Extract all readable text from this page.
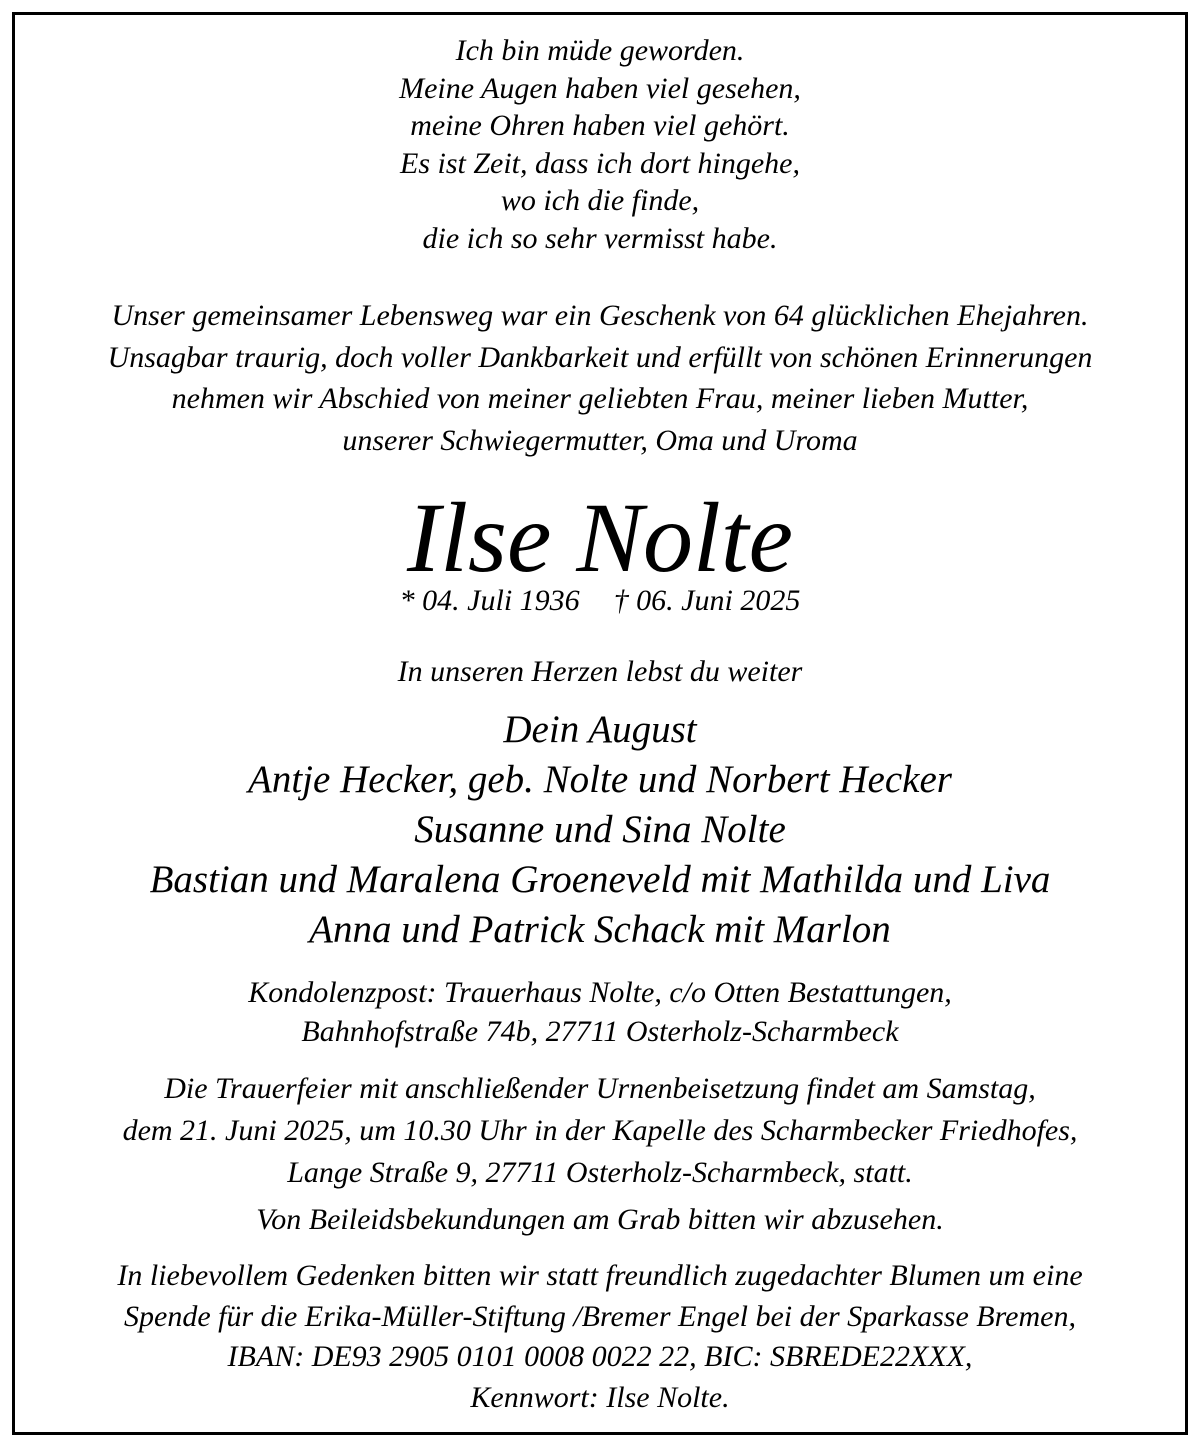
Ich bin müde geworden.
Meine Augen haben viel gesehen,
meine Ohren haben viel gehört.
Es ist Zeit, dass ich dort hingehe,
wo ich die finde,
die ich so sehr vermisst habe.
Unser gemeinsamer Lebensweg war ein Geschenk von 64 glücklichen Ehejahren.
Unsagbar traurig, doch voller Dankbarkeit und erfüllt von schönen Erinnerungen
nehmen wir Abschied von meiner geliebten Frau, meiner lieben Mutter,
unserer Schwiegermutter, Oma und Uroma
Ilse Nolte
* 04. Juli 1936 † 06. Juni 2025
In unseren Herzen lebst du weiter
Dein August
Antje Hecker, geb. Nolte und Norbert Hecker
Susanne und Sina Nolte
Bastian und Maralena Groeneveld mit Mathilda und Liva
Anna und Patrick Schack mit Marlon
Kondolenzpost: Trauerhaus Nolte, c/o Otten Bestattungen,
Bahnhofstraße 74b, 27711 Osterholz-Scharmbeck
Die Trauerfeier mit anschließender Urnenbeisetzung findet am Samstag,
dem 21. Juni 2025, um 10.30 Uhr in der Kapelle des Scharmbecker Friedhofes,
Lange Straße 9, 27711 Osterholz-Scharmbeck, statt.
Von Beileidsbekundungen am Grab bitten wir abzusehen.
In liebevollem Gedenken bitten wir statt freundlich zugedachter Blumen um eine
Spende für die Erika-Müller-Stiftung /Bremer Engel bei der Sparkasse Bremen,
IBAN: DE93 2905 0101 0008 0022 22, BIC: SBREDE22XXX,
Kennwort: Ilse Nolte.
